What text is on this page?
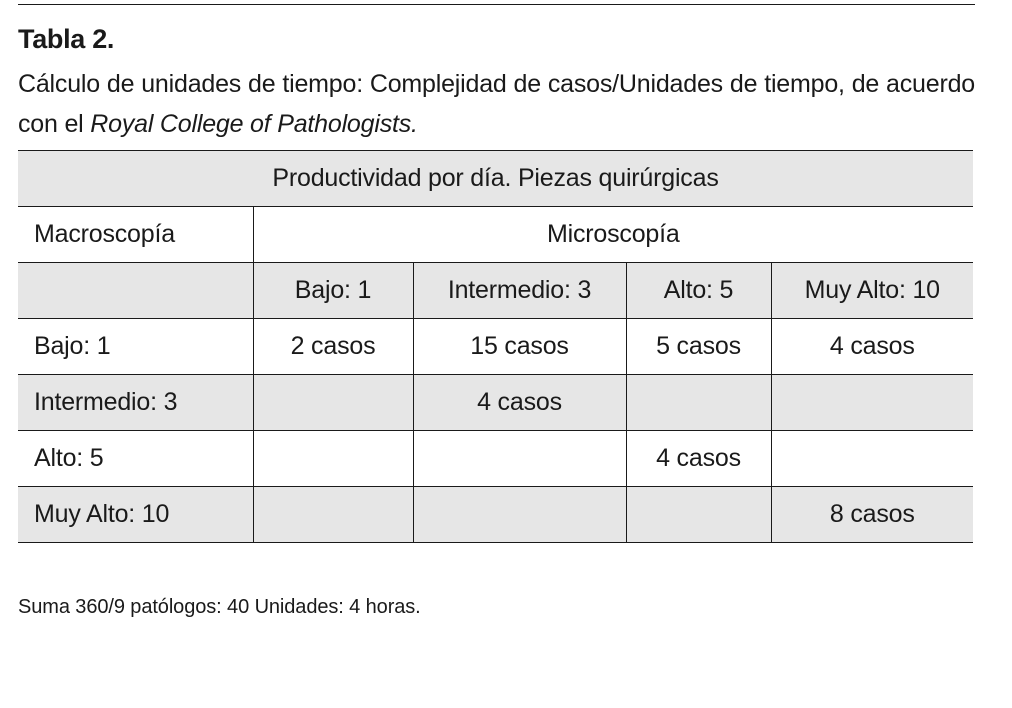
Tabla 2.
Cálculo de unidades de tiempo: Complejidad de casos/Unidades de tiempo, de acuerdo con el Royal College of Pathologists.
Productividad por día. Piezas quirúrgicas				
Macroscopía	Microscopía			
	Bajo: 1	Intermedio: 3	Alto: 5	Muy Alto: 10
Bajo: 1	2 casos	15 casos	5 casos	4 casos
Intermedio: 3		4 casos		
Alto: 5			4 casos	
Muy Alto: 10				8 casos
Suma 360/9 patólogos: 40 Unidades: 4 horas.
